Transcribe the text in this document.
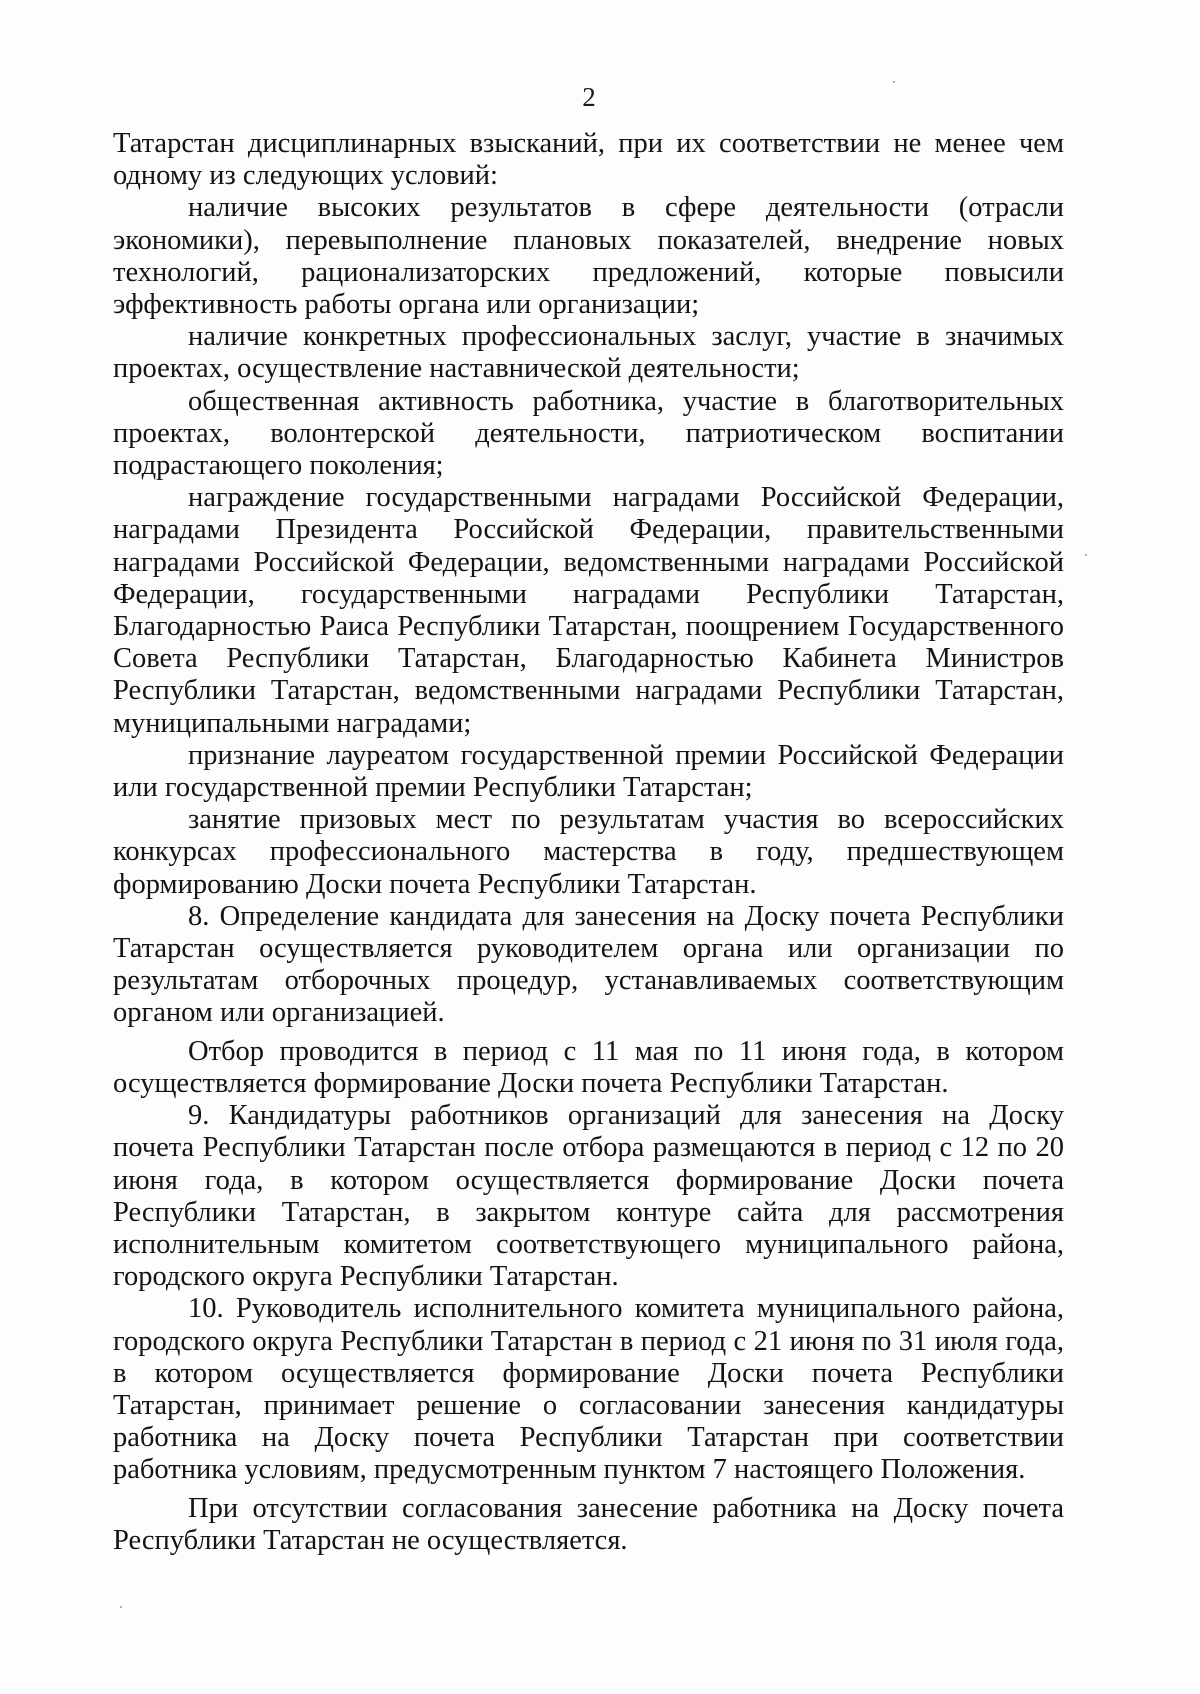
2

Татарстан дисциплинарных взысканий, при их соответствии не менее чем одному из следующих условий:

наличие высоких результатов в сфере деятельности (отрасли экономики), перевыполнение плановых показателей, внедрение новых технологий, рационализаторских предложений, которые повысили эффективность работы органа или организации;

наличие конкретных профессиональных заслуг, участие в значимых проектах, осуществление наставнической деятельности;

общественная активность работника, участие в благотворительных проектах, волонтерской деятельности, патриотическом воспитании подрастающего поколения;

награждение государственными наградами Российской Федерации, наградами Президента Российской Федерации, правительственными наградами Российской Федерации, ведомственными наградами Российской Федерации, государственными наградами Республики Татарстан, Благодарностью Раиса Республики Татарстан, поощрением Государственного Совета Республики Татарстан, Благодарностью Кабинета Министров Республики Татарстан, ведомственными наградами Республики Татарстан, муниципальными наградами;

признание лауреатом государственной премии Российской Федерации или государственной премии Республики Татарстан;

занятие призовых мест по результатам участия во всероссийских конкурсах профессионального мастерства в году, предшествующем формированию Доски почета Республики Татарстан.

8. Определение кандидата для занесения на Доску почета Республики Татарстан осуществляется руководителем органа или организации по результатам отборочных процедур, устанавливаемых соответствующим органом или организацией.

Отбор проводится в период с 11 мая по 11 июня года, в котором осуществляется формирование Доски почета Республики Татарстан.

9. Кандидатуры работников организаций для занесения на Доску почета Республики Татарстан после отбора размещаются в период с 12 по 20 июня года, в котором осуществляется формирование Доски почета Республики Татарстан, в закрытом контуре сайта для рассмотрения исполнительным комитетом соответствующего муниципального района, городского округа Республики Татарстан.

10. Руководитель исполнительного комитета муниципального района, городского округа Республики Татарстан в период с 21 июня по 31 июля года, в котором осуществляется формирование Доски почета Республики Татарстан, принимает решение о согласовании занесения кандидатуры работника на Доску почета Республики Татарстан при соответствии работника условиям, предусмотренным пунктом 7 настоящего Положения.

При отсутствии согласования занесение работника на Доску почета Республики Татарстан не осуществляется.
